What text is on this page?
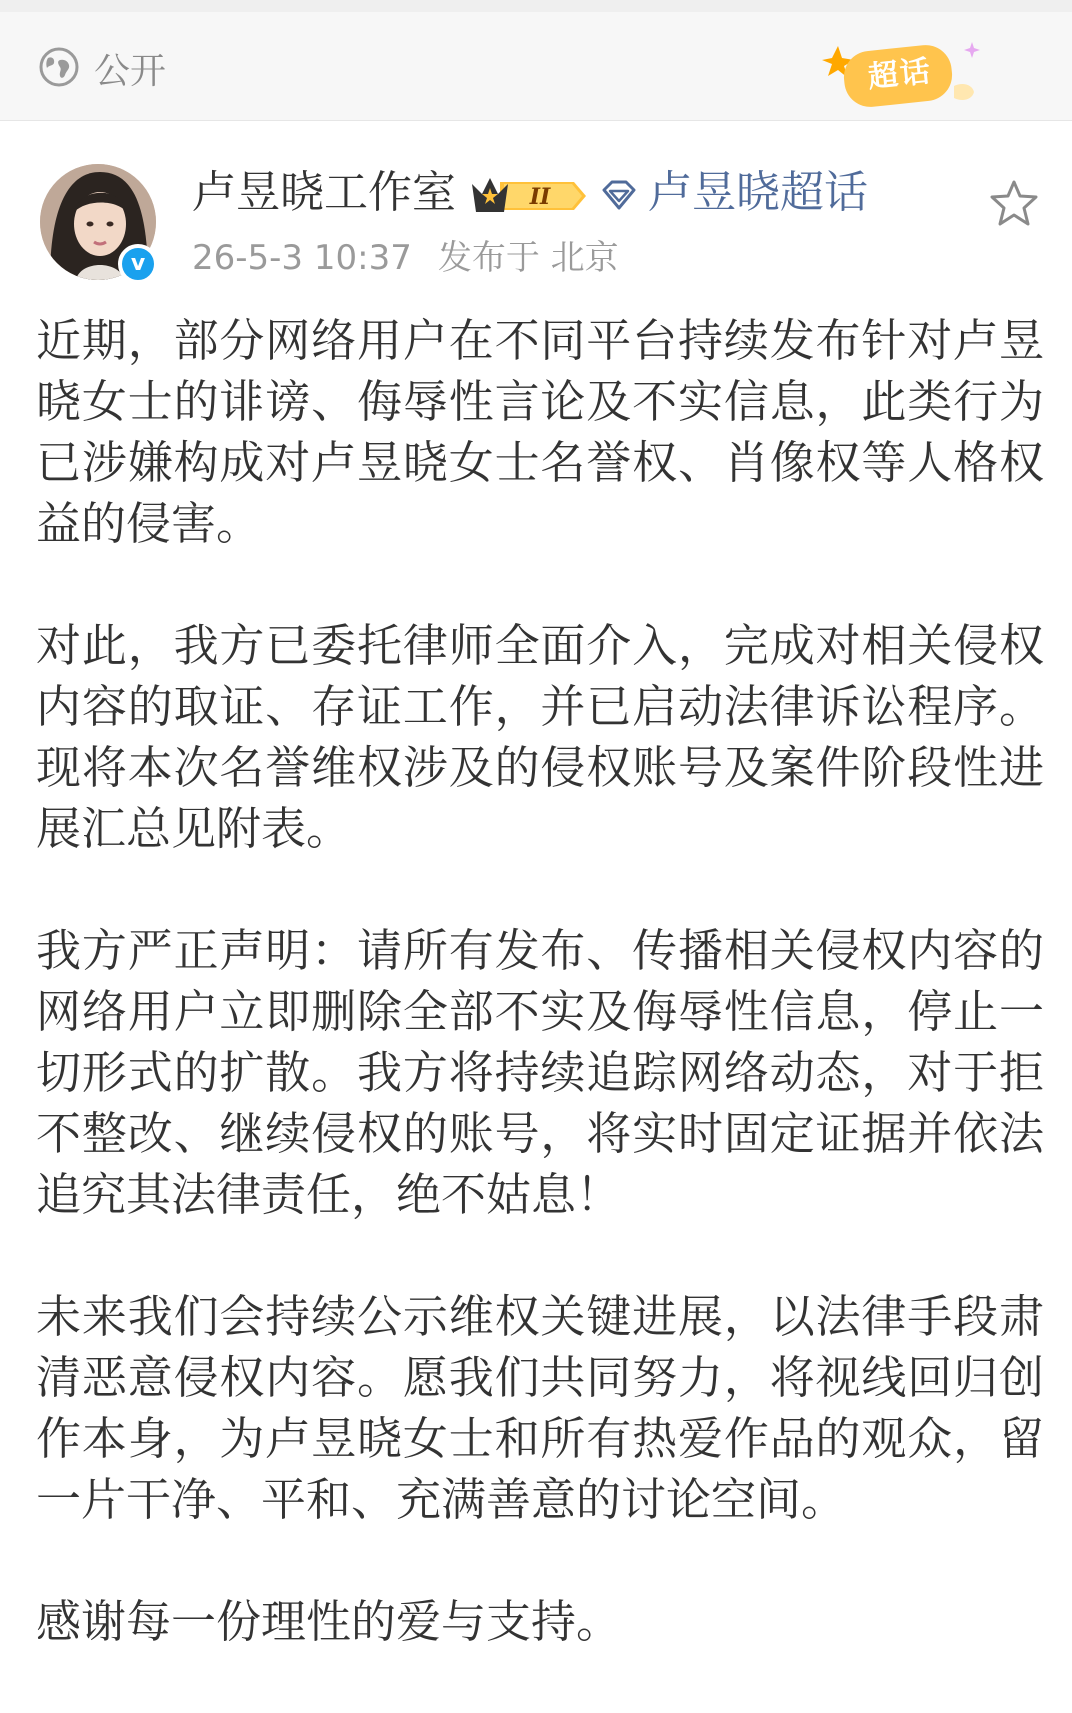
公开	超话
v
卢昱晓工作室	II 卢昱晓超话
26-5-3 10:37 发布于 北京

近期，部分网络用户在不同平台持续发布针对卢昱晓女士的诽谤、侮辱性言论及不实信息，此类行为已涉嫌构成对卢昱晓女士名誉权、肖像权等人格权益的侵害。

对此，我方已委托律师全面介入，完成对相关侵权内容的取证、存证工作，并已启动法律诉讼程序。现将本次名誉维权涉及的侵权账号及案件阶段性进展汇总见附表。

我方严正声明：请所有发布、传播相关侵权内容的网络用户立即删除全部不实及侮辱性信息，停止一切形式的扩散。我方将持续追踪网络动态，对于拒不整改、继续侵权的账号，将实时固定证据并依法追究其法律责任，绝不姑息！

未来我们会持续公示维权关键进展，以法律手段肃清恶意侵权内容。愿我们共同努力，将视线回归创作本身，为卢昱晓女士和所有热爱作品的观众，留一片干净、平和、充满善意的讨论空间。

感谢每一份理性的爱与支持。
